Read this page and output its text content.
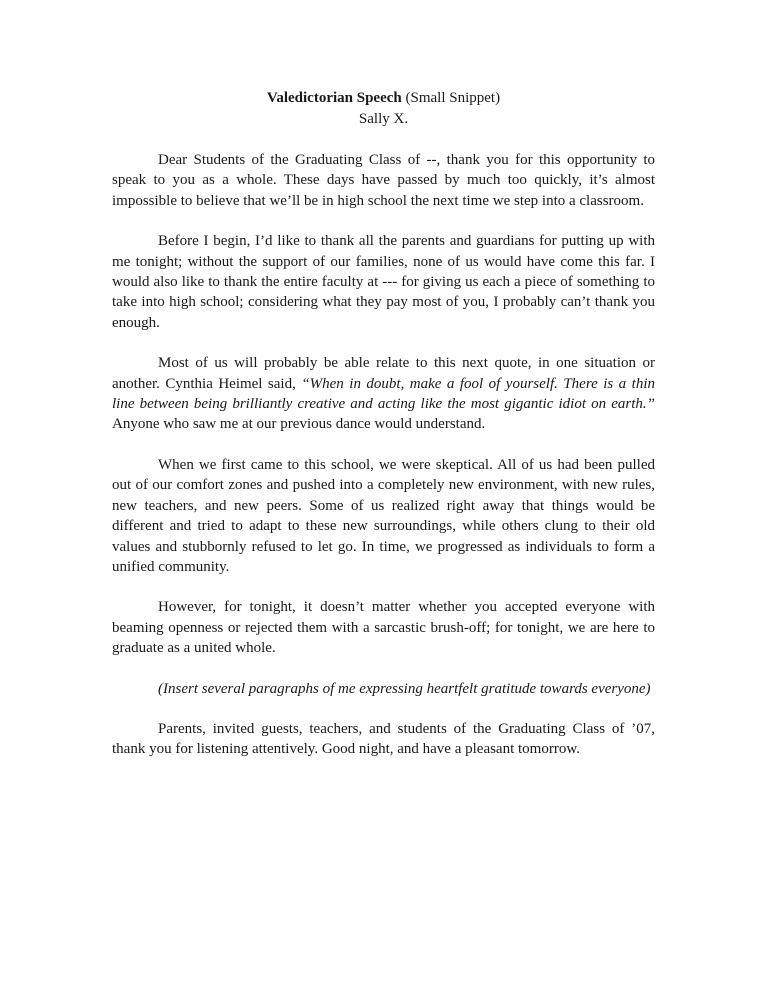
Valedictorian Speech (Small Snippet)
Sally X.

Dear Students of the Graduating Class of --, thank you for this opportunity to speak to you as a whole. These days have passed by much too quickly, it’s almost impossible to believe that we’ll be in high school the next time we step into a classroom.

Before I begin, I’d like to thank all the parents and guardians for putting up with me tonight; without the support of our families, none of us would have come this far. I would also like to thank the entire faculty at --- for giving us each a piece of something to take into high school; considering what they pay most of you, I probably can’t thank you enough.

Most of us will probably be able relate to this next quote, in one situation or another. Cynthia Heimel said, “When in doubt, make a fool of yourself. There is a thin line between being brilliantly creative and acting like the most gigantic idiot on earth.” Anyone who saw me at our previous dance would understand.

When we first came to this school, we were skeptical. All of us had been pulled out of our comfort zones and pushed into a completely new environment, with new rules, new teachers, and new peers. Some of us realized right away that things would be different and tried to adapt to these new surroundings, while others clung to their old values and stubbornly refused to let go. In time, we progressed as individuals to form a unified community.

However, for tonight, it doesn’t matter whether you accepted everyone with beaming openness or rejected them with a sarcastic brush-off; for tonight, we are here to graduate as a united whole.

(Insert several paragraphs of me expressing heartfelt gratitude towards everyone)

Parents, invited guests, teachers, and students of the Graduating Class of ’07, thank you for listening attentively. Good night, and have a pleasant tomorrow.
